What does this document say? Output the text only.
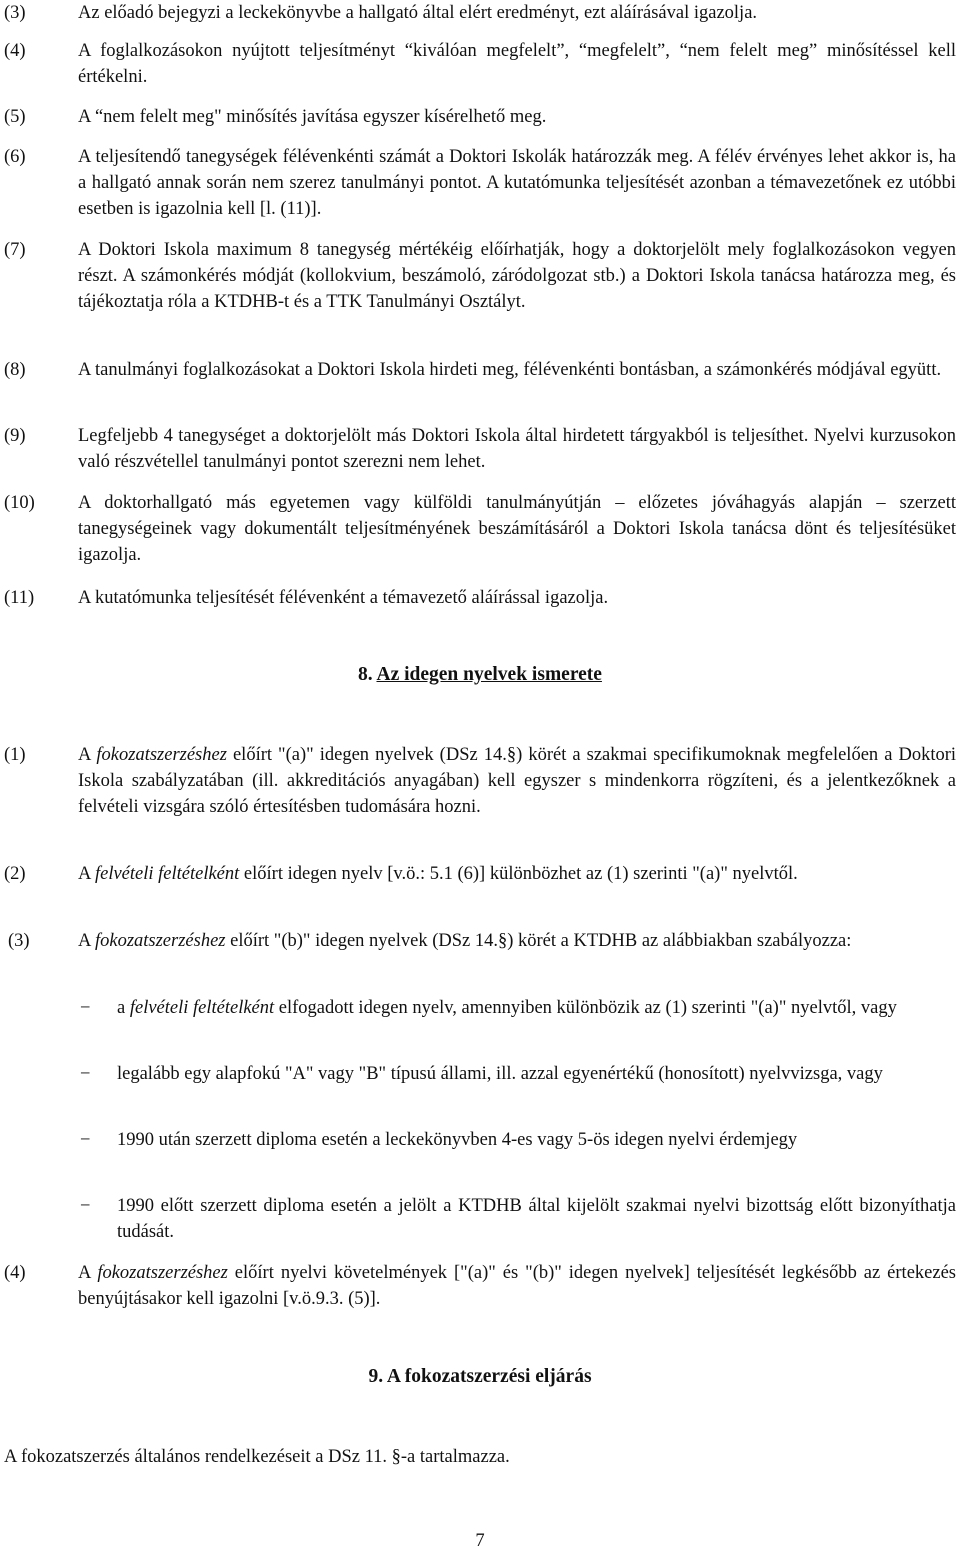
(3)	Az előadó bejegyzi a leckekönyvbe a hallgató által elért eredményt, ezt aláírásával igazolja.
(4)	A foglalkozásokon nyújtott teljesítményt “kiválóan megfelelt”, “megfelelt”, “nem felelt meg” minősítéssel kell értékelni.
(5)	A “nem felelt meg" minősítés javítása egyszer kísérelhető meg.
(6)	A teljesítendő tanegységek félévenkénti számát a Doktori Iskolák határozzák meg. A félév érvényes lehet akkor is, ha a hallgató annak során nem szerez tanulmányi pontot. A kutatómunka teljesítését azonban a témavezetőnek ez utóbbi esetben is igazolnia kell [l. (11)].
(7)	A Doktori Iskola maximum 8 tanegység mértékéig előírhatják, hogy a doktorjelölt mely foglalkozásokon vegyen részt. A számonkérés módját (kollokvium, beszámoló, záródolgozat stb.) a Doktori Iskola tanácsa határozza meg, és tájékoztatja róla a KTDHB-t és a TTK Tanulmányi Osztályt.
(8)	A tanulmányi foglalkozásokat a Doktori Iskola hirdeti meg, félévenkénti bontásban, a számonkérés módjával együtt.
(9)	Legfeljebb 4 tanegységet a doktorjelölt más Doktori Iskola által hirdetett tárgyakból is teljesíthet. Nyelvi kurzusokon való részvétellel tanulmányi pontot szerezni nem lehet.
(10) A doktorhallgató más egyetemen vagy külföldi tanulmányútján – előzetes jóváhagyás alapján – szerzett tanegységeinek vagy dokumentált teljesítményének beszámításáról a Doktori Iskola tanácsa dönt és teljesítésüket igazolja.
(11) A kutatómunka teljesítését félévenként a témavezető aláírással igazolja.
8. Az idegen nyelvek ismerete
(1)	A fokozatszerzéshez előírt "(a)" idegen nyelvek (DSz 14.§) körét a szakmai specifikumoknak megfelelően a Doktori Iskola szabályzatában (ill. akkreditációs anyagában) kell egyszer s mindenkorra rögzíteni, és a jelentkezőknek a felvételi vizsgára szóló értesítésben tudomására hozni.
(2)	A felvételi feltételként előírt idegen nyelv [v.ö.: 5.1 (6)] különbözhet az (1) szerinti "(a)" nyelvtől.
(3)	A fokozatszerzéshez előírt "(b)" idegen nyelvek (DSz 14.§) körét a KTDHB az alábbiakban szabályozza:
− a felvételi feltételként elfogadott idegen nyelv, amennyiben különbözik az (1) szerinti "(a)" nyelvtől, vagy
− legalább egy alapfokú "A" vagy "B" típusú állami, ill. azzal egyenértékű (honosított) nyelvvizsga, vagy
− 1990 után szerzett diploma esetén a leckekönyvben 4-es vagy 5-ös idegen nyelvi érdemjegy
− 1990 előtt szerzett diploma esetén a jelölt a KTDHB által kijelölt szakmai nyelvi bizottság előtt bizonyíthatja tudását.
(4)	A fokozatszerzéshez előírt nyelvi követelmények ["(a)" és "(b)" idegen nyelvek] teljesítését legkésőbb az értekezés benyújtásakor kell igazolni [v.ö.9.3. (5)].
9. A fokozatszerzési eljárás
A fokozatszerzés általános rendelkezéseit a DSz 11. §-a tartalmazza.
7
